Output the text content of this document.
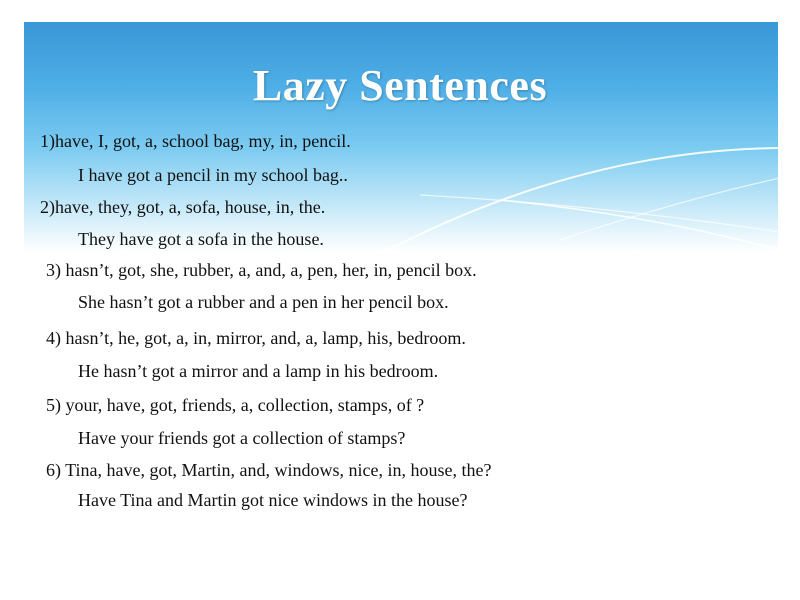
Lazy Sentences
1)have, I, got, a, school bag, my, in, pencil.
I have got a pencil in my school bag..
2)have, they, got, a, sofa, house, in, the.
They have got a sofa in the house.
3) hasn’t, got, she, rubber, a, and, a, pen, her, in, pencil box.
She hasn’t got a rubber and a pen in her pencil box.
4) hasn’t, he, got, a, in, mirror, and, a, lamp, his, bedroom.
He hasn’t got a mirror and a lamp in his bedroom.
5) your, have, got, friends, a, collection, stamps, of ?
Have your friends got a collection of stamps?
6) Tina, have, got, Martin, and, windows, nice, in, house, the?
Have Tina and Martin got nice windows in the house?
